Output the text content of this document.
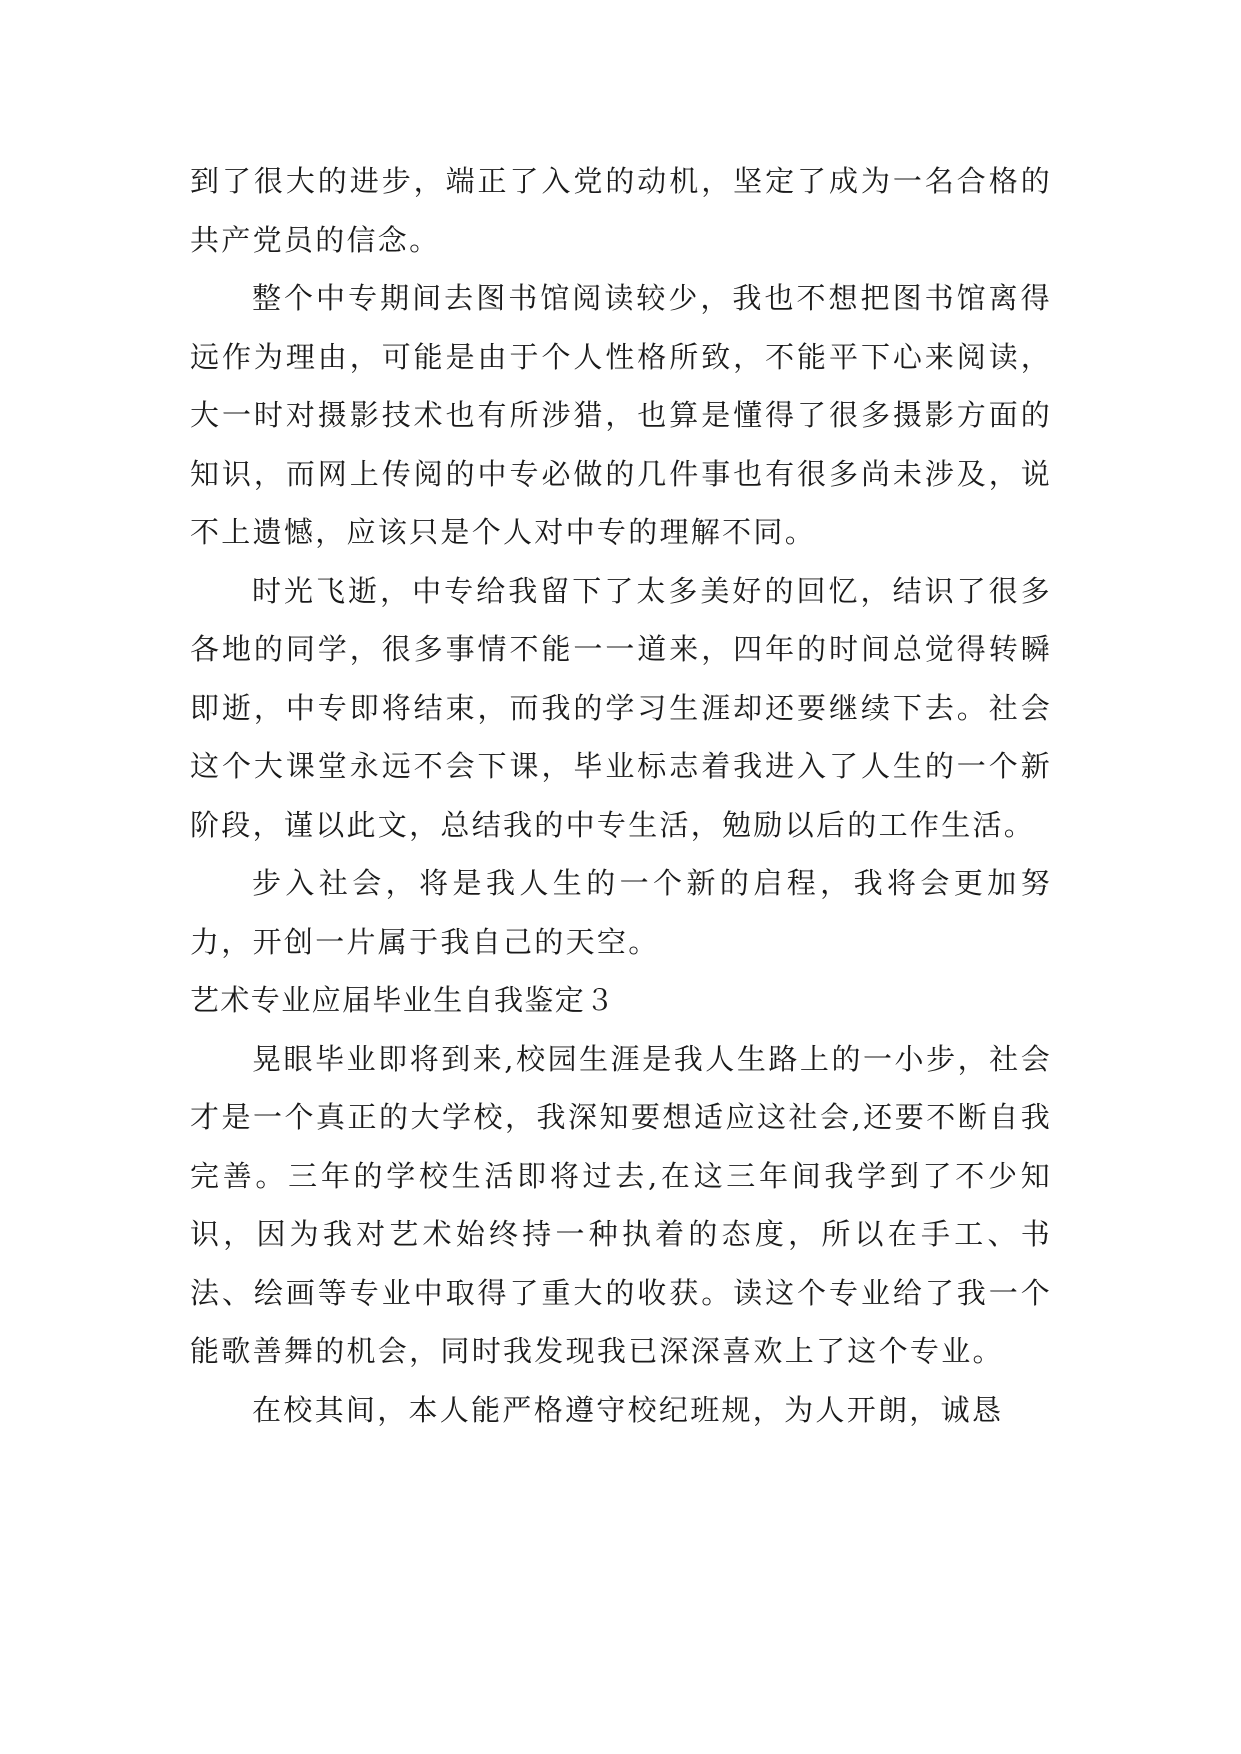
到了很大的进步，端正了入党的动机，坚定了成为一名合格的共产党员的信念。

整个中专期间去图书馆阅读较少，我也不想把图书馆离得远作为理由，可能是由于个人性格所致，不能平下心来阅读，大一时对摄影技术也有所涉猎，也算是懂得了很多摄影方面的知识，而网上传阅的中专必做的几件事也有很多尚未涉及，说不上遗憾，应该只是个人对中专的理解不同。

时光飞逝，中专给我留下了太多美好的回忆，结识了很多各地的同学，很多事情不能一一道来，四年的时间总觉得转瞬即逝，中专即将结束，而我的学习生涯却还要继续下去。社会这个大课堂永远不会下课，毕业标志着我进入了人生的一个新阶段，谨以此文，总结我的中专生活，勉励以后的工作生活。

步入社会，将是我人生的一个新的启程，我将会更加努力，开创一片属于我自己的天空。

艺术专业应届毕业生自我鉴定３

晃眼毕业即将到来,校园生涯是我人生路上的一小步，社会才是一个真正的大学校，我深知要想适应这社会,还要不断自我完善。三年的学校生活即将过去,在这三年间我学到了不少知识，因为我对艺术始终持一种执着的态度，所以在手工、书法、绘画等专业中取得了重大的收获。读这个专业给了我一个能歌善舞的机会，同时我发现我已深深喜欢上了这个专业。

在校其间，本人能严格遵守校纪班规，为人开朗，诚恳
